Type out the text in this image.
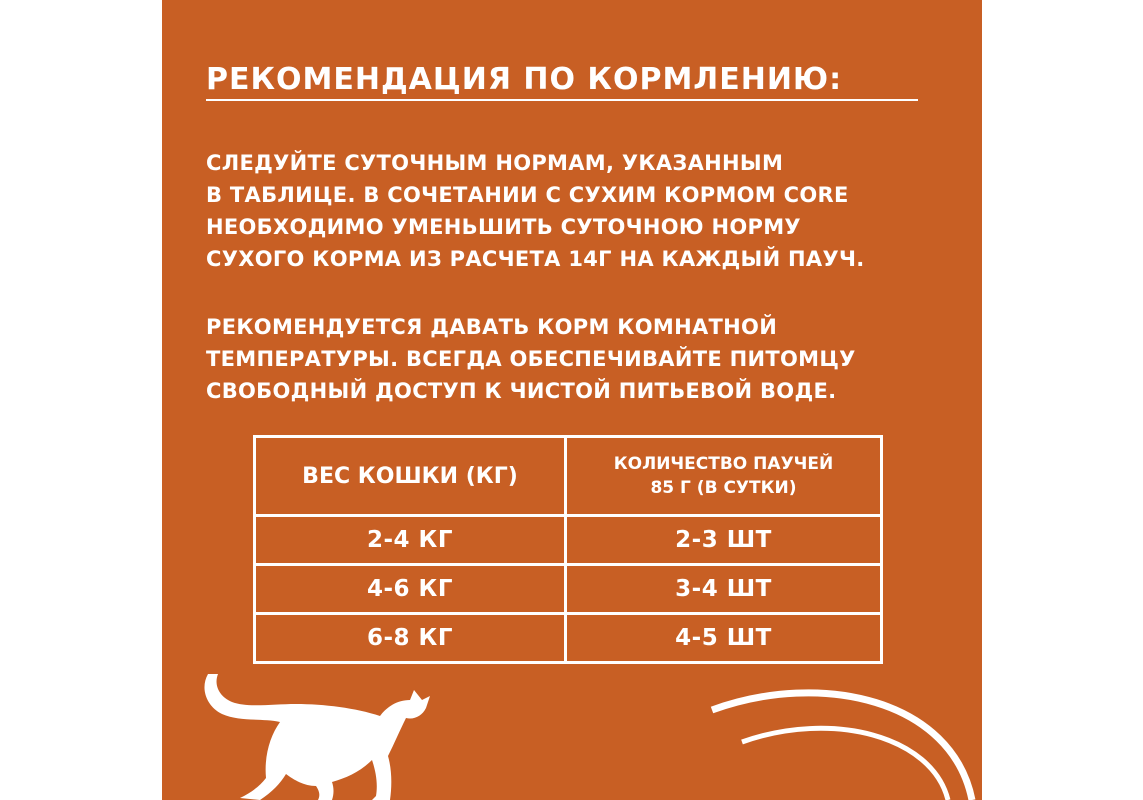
РЕКОМЕНДАЦИЯ ПО КОРМЛЕНИЮ:

СЛЕДУЙТЕ СУТОЧНЫМ НОРМАМ, УКАЗАННЫМ
В ТАБЛИЦЕ. В СОЧЕТАНИИ С СУХИМ КОРМОМ CORE
НЕОБХОДИМО УМЕНЬШИТЬ СУТОЧНОЮ НОРМУ
СУХОГО КОРМА ИЗ РАСЧЕТА 14Г НА КАЖДЫЙ ПАУЧ.

РЕКОМЕНДУЕТСЯ ДАВАТЬ КОРМ КОМНАТНОЙ
ТЕМПЕРАТУРЫ. ВСЕГДА ОБЕСПЕЧИВАЙТЕ ПИТОМЦУ
СВОБОДНЫЙ ДОСТУП К ЧИСТОЙ ПИТЬЕВОЙ ВОДЕ.

ВЕС КОШКИ (КГ)	КОЛИЧЕСТВО ПАУЧЕЙ
85 Г (В СУТКИ)

2-4 КГ	2-3 ШТ
4-6 КГ	3-4 ШТ
6-8 КГ	4-5 ШТ
